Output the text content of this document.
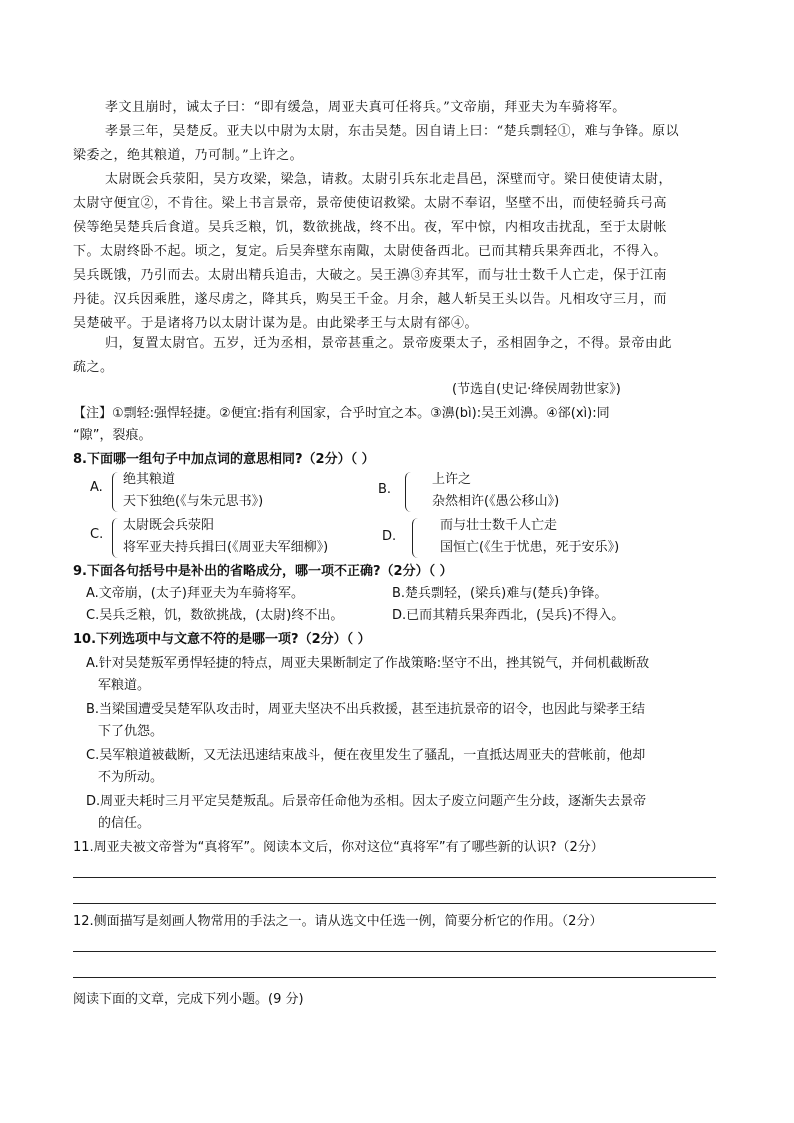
孝文且崩时，诫太子曰：“即有缓急，周亚夫真可任将兵。”文帝崩，拜亚夫为车骑将军。
孝景三年，吴楚反。亚夫以中尉为太尉，东击吴楚。因自请上曰：“楚兵剽轻①，难与争锋。原以
梁委之，绝其粮道，乃可制。”上许之。
太尉既会兵荥阳，吴方攻梁，梁急，请救。太尉引兵东北走昌邑，深壁而守。梁日使使请太尉，
太尉守便宜②，不肯往。梁上书言景帝，景帝使使诏救梁。太尉不奉诏，坚壁不出，而使轻骑兵弓高
侯等绝吴楚兵后食道。吴兵乏粮，饥，数欲挑战，终不出。夜，军中惊，内相攻击扰乱，至于太尉帐
下。太尉终卧不起。顷之，复定。后吴奔壁东南陬，太尉使备西北。已而其精兵果奔西北，不得入。
吴兵既饿，乃引而去。太尉出精兵追击，大破之。吴王濞③弃其军，而与壮士数千人亡走，保于江南
丹徒。汉兵因乘胜，遂尽虏之，降其兵，购吴王千金。月余，越人斩吴王头以告。凡相攻守三月，而
吴楚破平。于是诸将乃以太尉计谋为是。由此梁孝王与太尉有郤④。
归，复置太尉官。五岁，迁为丞相，景帝甚重之。景帝废栗太子，丞相固争之，不得。景帝由此
疏之。
(节选自(史记·绛侯周勃世家》)
【注】①剽轻:强悍轻捷。②便宜:指有利国家，合乎时宜之本。③濞(bì):吴王刘濞。④郤(xì):同
“隙”，裂痕。
8.下面哪一组句子中加点词的意思相同?（2分）（ ）
A.
绝其粮道
天下独绝(《与朱元思书》)
B.
上许之
杂然相许(《愚公移山》)
C.
太尉既会兵荥阳
将军亚夫持兵揖曰(《周亚夫军细柳》)
D.
而与壮士数千人亡走
国恒亡(《生于忧患，死于安乐》)
9.下面各句括号中是补出的省略成分，哪一项不正确?（2分）（ ）
A.文帝崩，(太子)拜亚夫为车骑将军。	B.楚兵剽轻，(梁兵)难与(楚兵)争锋。
C.吴兵乏粮，饥，数欲挑战，(太尉)终不出。	D.已而其精兵果奔西北，(吴兵)不得入。
10.下列选项中与文意不符的是哪一项?（2分）（ ）
A.针对吴楚叛军勇悍轻捷的特点，周亚夫果断制定了作战策略:坚守不出，挫其锐气，并伺机截断敌
军粮道。
B.当梁国遭受吴楚军队攻击时，周亚夫坚决不出兵救援，甚至违抗景帝的诏令，也因此与梁孝王结
下了仇怨。
C.吴军粮道被截断，又无法迅速结束战斗，便在夜里发生了骚乱，一直抵达周亚夫的营帐前，他却
不为所动。
D.周亚夫耗时三月平定吴楚叛乱。后景帝任命他为丞相。因太子废立问题产生分歧，逐渐失去景帝
的信任。
11.周亚夫被文帝誉为“真将军”。阅读本文后，你对这位“真将军”有了哪些新的认识?（2分）
12.侧面描写是刻画人物常用的手法之一。请从选文中任选一例，简要分析它的作用。（2分）
阅读下面的文章，完成下列小题。(9 分)
